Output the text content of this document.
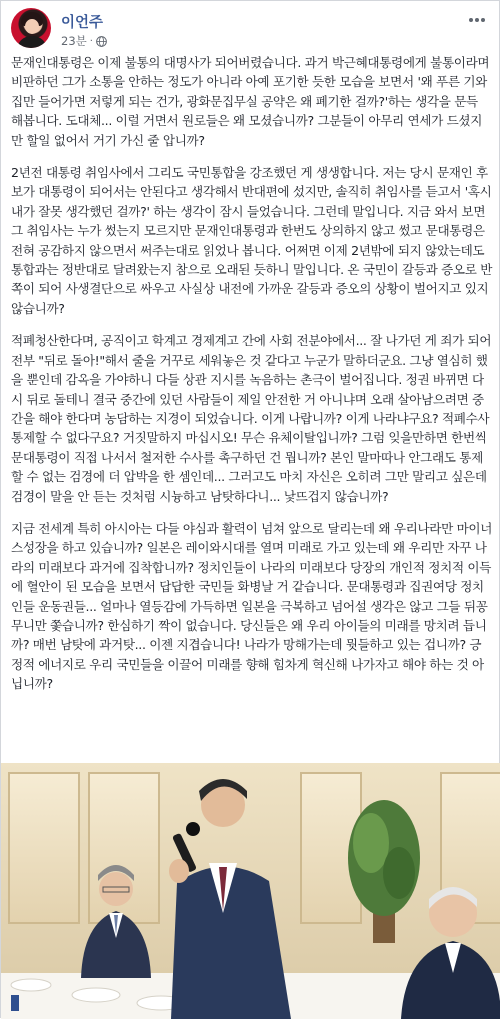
이언주
23분 ·

문재인대통령은 이제 불통의 대명사가 되어버렸습니다. 과거 박근혜대통령에게 불통이라며 비판하던 그가 소통을 안하는 정도가 아니라 아예 포기한 듯한 모습을 보면서 '왜 푸른 기와집만 들어가면 저렇게 되는 건가, 광화문집무실 공약은 왜 폐기한 걸까?'하는 생각을 문득 해봅니다. 도대체... 이럴 거면서 원로들은 왜 모셨습니까? 그분들이 아무리 연세가 드셨지만 할일 없어서 거기 가신 줄 압니까?

2년전 대통령 취임사에서 그리도 국민통합을 강조했던 게 생생합니다. 저는 당시 문재인 후보가 대통령이 되어서는 안된다고 생각해서 반대편에 섰지만, 솔직히 취임사를 듣고서 '혹시 내가 잘못 생각했던 걸까?' 하는 생각이 잠시 들었습니다. 그런데 말입니다. 지금 와서 보면 그 취임사는 누가 썼는지 모르지만 문재인대통령과 한번도 상의하지 않고 썼고 문대통령은 전혀 공감하지 않으면서 써주는대로 읽었나 봅니다. 어쩌면 이제 2년밖에 되지 않았는데도 통합과는 정반대로 달려왔는지 참으로 오래된 듯하니 말입니다. 온 국민이 갈등과 증오로 반쪽이 되어 사생결단으로 싸우고 사실상 내전에 가까운 갈등과 증오의 상황이 벌어지고 있지 않습니까?

적폐청산한다며, 공직이고 학계고 경제계고 간에 사회 전분야에서... 잘 나가던 게 죄가 되어 전부 "뒤로 돌아!"해서 줄을 거꾸로 세워놓은 것 같다고 누군가 말하더군요. 그냥 열심히 했을 뿐인데 감옥을 가야하니 다들 상관 지시를 녹음하는 촌극이 벌어집니다. 정권 바뀌면 다시 뒤로 돌테니 결국 중간에 있던 사람들이 제일 안전한 거 아니냐며 오래 살아남으려면 중간을 해야 한다며 농담하는 지경이 되었습니다. 이게 나랍니까? 이게 나라냐구요? 적폐수사 통제할 수 없다구요? 거짓말하지 마십시오! 무슨 유체이탈입니까? 그럼 잊을만하면 한번씩 문대통령이 직접 나서서 철저한 수사를 촉구하던 건 뭡니까? 본인 말마따나 안그래도 통제할 수 없는 검경에 더 압박을 한 셈인데... 그러고도 마치 자신은 오히려 그만 말리고 싶은데 검경이 말을 안 듣는 것처럼 시늉하고 남탓하다니... 낯뜨겁지 않습니까?

지금 전세계 특히 아시아는 다들 야심과 활력이 넘쳐 앞으로 달리는데 왜 우리나라만 마이너스성장을 하고 있습니까? 일본은 레이와시대를 열며 미래로 가고 있는데 왜 우리만 자꾸 나라의 미래보다 과거에 집착합니까? 정치인들이 나라의 미래보다 당장의 개인적 정치적 이득에 혈안이 된 모습을 보면서 답답한 국민들 화병날 거 같습니다. 문대통령과 집권여당 정치인들 운동권들... 얼마나 열등감에 가득하면 일본을 극복하고 넘어설 생각은 않고 그들 뒤꽁무니만 쫓습니까? 한심하기 짝이 없습니다. 당신들은 왜 우리 아이들의 미래를 망치려 듭니까? 매번 남탓에 과거탓... 이젠 지겹습니다! 나라가 망해가는데 뭣들하고 있는 겁니까? 긍정적 에너지로 우리 국민들을 이끌어 미래를 향해 힘차게 혁신해 나가자고 해야 하는 것 아닙니까?
